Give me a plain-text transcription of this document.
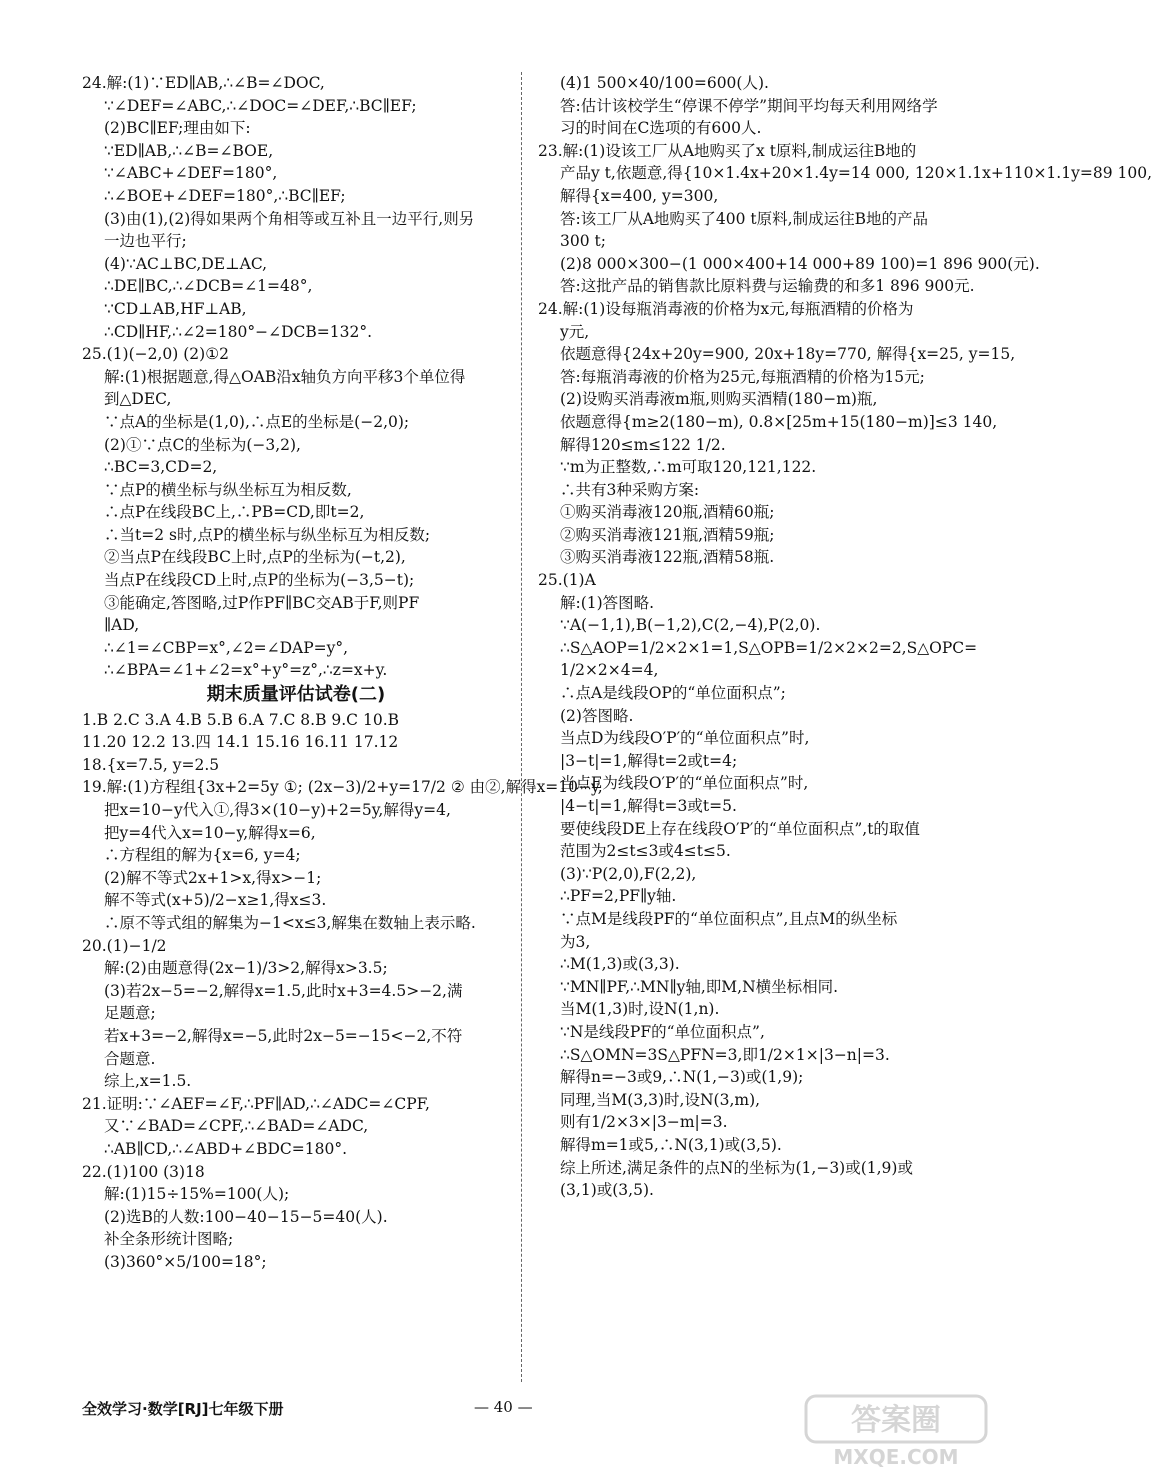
24.解:(1)∵ED∥AB,∴∠B=∠DOC,
∵∠DEF=∠ABC,∴∠DOC=∠DEF,∴BC∥EF;
(2)BC∥EF;理由如下:
∵ED∥AB,∴∠B=∠BOE,
∵∠ABC+∠DEF=180°,
∴∠BOE+∠DEF=180°,∴BC∥EF;
(3)由(1),(2)得如果两个角相等或互补且一边平行,则另
一边也平行;
(4)∵AC⊥BC,DE⊥AC,
∴DE∥BC,∴∠DCB=∠1=48°,
∵CD⊥AB,HF⊥AB,
∴CD∥HF,∴∠2=180°−∠DCB=132°.
25.(1)(−2,0) (2)①2
解:(1)根据题意,得△OAB沿x轴负方向平移3个单位得
到△DEC,
∵点A的坐标是(1,0),∴点E的坐标是(−2,0);
(2)①∵点C的坐标为(−3,2),
∴BC=3,CD=2,
∵点P的横坐标与纵坐标互为相反数,
∴点P在线段BC上,∴PB=CD,即t=2,
∴当t=2 s时,点P的横坐标与纵坐标互为相反数;
②当点P在线段BC上时,点P的坐标为(−t,2),
当点P在线段CD上时,点P的坐标为(−3,5−t);
③能确定,答图略,过P作PF∥BC交AB于F,则PF
∥AD,
∴∠1=∠CBP=x°,∠2=∠DAP=y°,
∴∠BPA=∠1+∠2=x°+y°=z°,∴z=x+y.
期末质量评估试卷(二)
1.B 2.C 3.A 4.B 5.B 6.A 7.C 8.B 9.C 10.B
11.20 12.2 13.四 14.1 15.16 16.11 17.12
18.{x=7.5, y=2.5
19.解:(1)方程组{3x+2=5y ①; (2x−3)/2+y=17/2 ② 由②,解得x=10−y,
把x=10−y代入①,得3×(10−y)+2=5y,解得y=4,
把y=4代入x=10−y,解得x=6,
∴方程组的解为{x=6, y=4;
(2)解不等式2x+1>x,得x>−1;
解不等式(x+5)/2−x≥1,得x≤3.
∴原不等式组的解集为−1<x≤3,解集在数轴上表示略.
20.(1)−1/2
解:(2)由题意得(2x−1)/3>2,解得x>3.5;
(3)若2x−5=−2,解得x=1.5,此时x+3=4.5>−2,满
足题意;
若x+3=−2,解得x=−5,此时2x−5=−15<−2,不符
合题意.
综上,x=1.5.
21.证明:∵∠AEF=∠F,∴PF∥AD,∴∠ADC=∠CPF,
又∵∠BAD=∠CPF,∴∠BAD=∠ADC,
∴AB∥CD,∴∠ABD+∠BDC=180°.
22.(1)100 (3)18
解:(1)15÷15%=100(人);
(2)选B的人数:100−40−15−5=40(人).
补全条形统计图略;
(3)360°×5/100=18°;
(4)1 500×40/100=600(人).
答:估计该校学生“停课不停学”期间平均每天利用网络学
习的时间在C选项的有600人.
23.解:(1)设该工厂从A地购买了x t原料,制成运往B地的
产品y t,依题意,得{10×1.4x+20×1.4y=14 000, 120×1.1x+110×1.1y=89 100,
解得{x=400, y=300,
答:该工厂从A地购买了400 t原料,制成运往B地的产品
300 t;
(2)8 000×300−(1 000×400+14 000+89 100)=1 896 900(元).
答:这批产品的销售款比原料费与运输费的和多1 896 900元.
24.解:(1)设每瓶消毒液的价格为x元,每瓶酒精的价格为
y元,
依题意得{24x+20y=900, 20x+18y=770, 解得{x=25, y=15,
答:每瓶消毒液的价格为25元,每瓶酒精的价格为15元;
(2)设购买消毒液m瓶,则购买酒精(180−m)瓶,
依题意得{m≥2(180−m), 0.8×[25m+15(180−m)]≤3 140,
解得120≤m≤122 1/2.
∵m为正整数,∴m可取120,121,122.
∴共有3种采购方案:
①购买消毒液120瓶,酒精60瓶;
②购买消毒液121瓶,酒精59瓶;
③购买消毒液122瓶,酒精58瓶.
25.(1)A
解:(1)答图略.
∵A(−1,1),B(−1,2),C(2,−4),P(2,0).
∴S△AOP=1/2×2×1=1,S△OPB=1/2×2×2=2,S△OPC=
1/2×2×4=4,
∴点A是线段OP的“单位面积点”;
(2)答图略.
当点D为线段O′P′的“单位面积点”时,
|3−t|=1,解得t=2或t=4;
当点E为线段O′P′的“单位面积点”时,
|4−t|=1,解得t=3或t=5.
要使线段DE上存在线段O′P′的“单位面积点”,t的取值
范围为2≤t≤3或4≤t≤5.
(3)∵P(2,0),F(2,2),
∴PF=2,PF∥y轴.
∵点M是线段PF的“单位面积点”,且点M的纵坐标
为3,
∴M(1,3)或(3,3).
∵MN∥PF,∴MN∥y轴,即M,N横坐标相同.
当M(1,3)时,设N(1,n).
∵N是线段PF的“单位面积点”,
∴S△OMN=3S△PFN=3,即1/2×1×|3−n|=3.
解得n=−3或9,∴N(1,−3)或(1,9);
同理,当M(3,3)时,设N(3,m),
则有1/2×3×|3−m|=3.
解得m=1或5,∴N(3,1)或(3,5).
综上所述,满足条件的点N的坐标为(1,−3)或(1,9)或
(3,1)或(3,5).
全效学习·数学[RJ]七年级下册	— 40 —	答案圈
MXQE.COM
